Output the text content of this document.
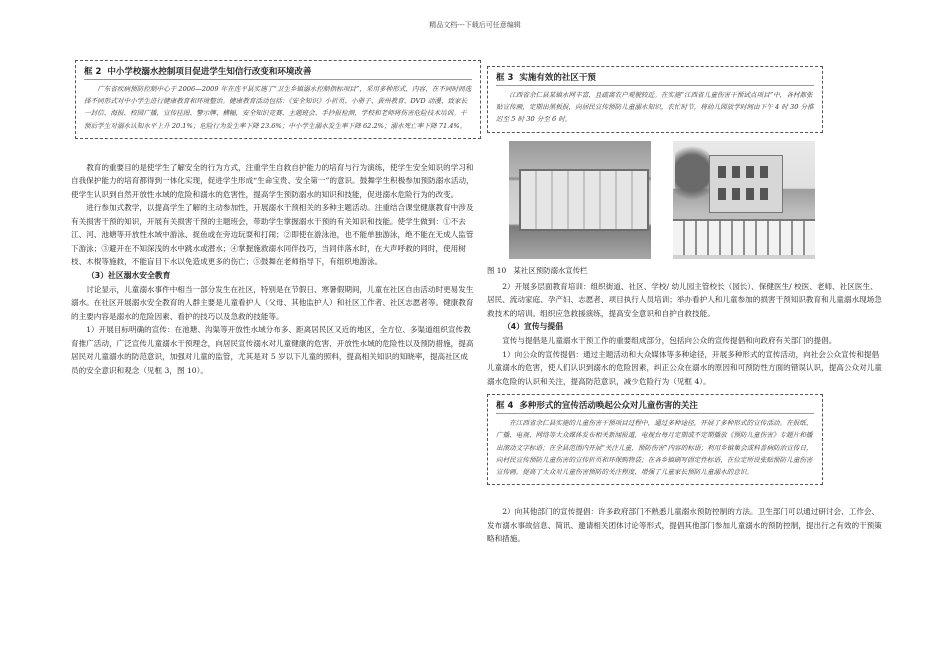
精品文档---下载后可任意编辑
框 2 中小学校溺水控制项目促进学生知信行改变和环境改善

广东省疾病预防控制中心于 2006—2009 年在连平县实施了“卫生乡镇溺水控制指标项目”，采用多种形式、内容，在不同时间选择不同形式对中小学生进行健康教育和环境整治。健康教育活动包括：《安全知识》小折页、小册子、黄州教育、DVD 动漫、致家长一封信、海报、校园广播，宣传挂图、警示牌、横幅，安全知识竞赛、主题班会、手抄报检测，学校和老师将伤害危险技术培训。干预后学生对溺水认知水平上升 20.1%；危险行为发生率下降 23.6%；中小学生溺水发生率下降 62.2%；溺水死亡率下降 71.4%。

教育的重要目的是使学生了解安全的行为方式，注重学生自救自护能力的培育与行为演练，使学生安全知识的学习和自我保护能力的培育都得到一体化实现，促进学生形成“生命宝贵、安全第一”的意识。鼓舞学生积极参加预防溺水活动，使学生认识到自然开放性水域的危险和溺水的危害性，提高学生预防溺水的知识和技能，促进溺水危险行为的改变。

进行参加式教学，以提高学生了解的主动参加性，开展溺水干预相关的多种主题活动。注重结合课堂健康教育中涉及有关损害干预的知识，开展有关损害干预的主题班会，带助学生掌握溺水干预的有关知识和技能。使学生做到：①不去江、河、池塘等开放性水域中游泳、捉鱼或在旁边玩耍和打闹；②即使在游泳池，也不能单独游泳，绝不能在无成人监管下游泳；③避开在不知深浅的水中跳水或潜水；④掌握施救溺水同伴技巧，当同伴落水时，在大声呼救的同时，使用树枝、木棍等施救，不能盲目下水以免造成更多的伤亡；⑤鼓舞在老师指导下，有组织地游泳。

（3）社区溺水安全教育

讨论显示，儿童溺水事件中相当一部分发生在社区，特别是在节假日、寒暑假期间，儿童在社区自由活动时更易发生溺水。在社区开展溺水安全教育的人群主要是儿童看护人（父母、其他监护人）和社区工作者、社区志愿者等。健康教育的主要内容是溺水的危险因素、看护的技巧以及急救的技能等。

1）开展目标明确的宣传：在池塘、沟渠等开放性水域分布多、距离居民区又近的地区，全方位、多渠道组织宣传教育推广活动，广泛宣传儿童溺水干预理念，向居民宣传溺水对儿童健康的危害、开放性水域的危险性以及预防措施，提高居民对儿童溺水的防范意识，加强对儿童的监管，尤其是对 5 岁以下儿童的照料，提高相关知识的知晓率，提高社区成员的安全意识和观念（见框 3，图 10）。

框 3 实施有效的社区干预

江西省余仁县某镇水网丰富，且疏离农户观貌较近。在实施“江西省儿童伤害干预试点项目”中，各村都张贴宣传画，定期出黑板报，向居民宣传预防儿童溺水知识，农忙时节，将幼儿园放学时间由下午 4 时 30 分推迟至 5 时 30 分至 6 时。

图 10　某社区预防溺水宣传栏

2）开展多层面教育培训：组织街道、社区、学校/ 幼儿园主管校长（园长）、保健医生/ 校医、老师、社区医生、居民、流动家庭、孕产妇、志愿者、项目执行人员培训；举办看护人和儿童参加的损害干预知识教育和儿童溺水现场急救技术的培训。组织应急救援演练，提高安全意识和自护自救技能。

（4）宣传与提倡

宣传与提倡是儿童溺水干预工作的重要组成部分，包括向公众的宣传提倡和向政府有关部门的提倡。

1）向公众的宣传提倡：通过主题活动和大众媒体等多种途径，开展多种形式的宣传活动，向社会公众宣传和提倡儿童溺水的危害，使人们认识到溺水的危险因素，纠正公众在溺水的原因和可预防性方面的错误认识，提高公众对儿童溺水危险的认识和关注，提高防范意识，减少危险行为（见框 4）。

框 4 多种形式的宣传活动唤起公众对儿童伤害的关注

在江西省余仁县实施的儿童伤害干预项目过程中，通过多种途径，开展了多种形式的宣传活动。在报纸、广播、电视、网络等大众媒体发布相关新闻报道，电视台每月定期或不定期播放《预防儿童伤害》专题片和播出滚动文字标语；在全县范围内开展“关注儿童，预防伤害”内容的标语；利用乡镇集会或科普病防治宣传日，向村民宣传预防儿童伤害的宣传折页和环保购物袋；在各乡镇刷写固定性标语，在位定所设张贴预防儿童伤害宣传画。提高了大众对儿童伤害预防的关注程度，增强了儿童家长预防儿童溺水的意识。

2）向其他部门的宣传提倡：许多政府部门不熟悉儿童溺水预防控制的方法。卫生部门可以通过研讨会、工作会、发布溺水事故信息、简讯、邀请相关团体讨论等形式，提倡其他部门参加儿童溺水的预防控制，提出行之有效的干预策略和措施。
